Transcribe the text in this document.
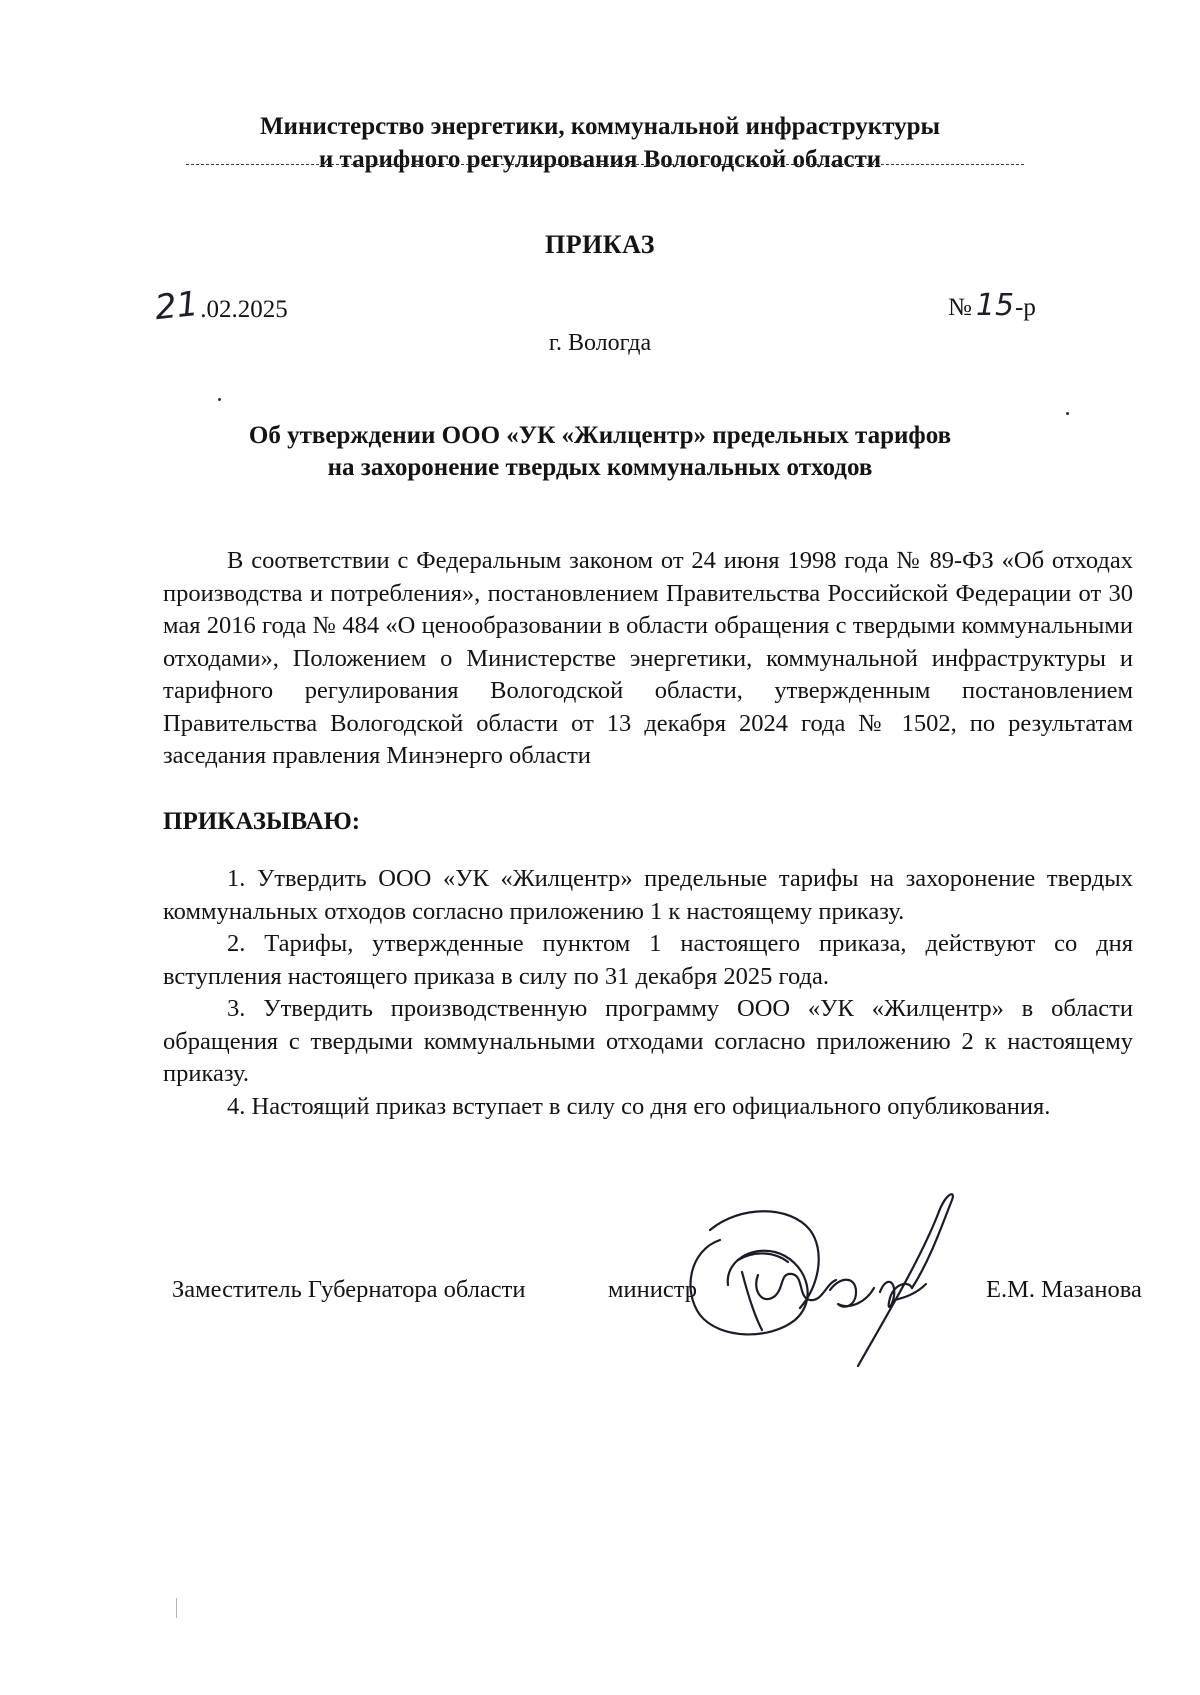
Министерство энергетики, коммунальной инфраструктуры
и тарифного регулирования Вологодской области
ПРИКАЗ
21.02.2025	№ 15-р
г. Вологда
Об утверждении ООО «УК «Жилцентр» предельных тарифов
на захоронение твердых коммунальных отходов
В соответствии с Федеральным законом от 24 июня 1998 года № 89-ФЗ «Об отходах производства и потребления», постановлением Правительства Российской Федерации от 30 мая 2016 года № 484 «О ценообразовании в области обращения с твердыми коммунальными отходами», Положением о Министерстве энергетики, коммунальной инфраструктуры и тарифного регулирования Вологодской области, утвержденным постановлением Правительства Вологодской области от 13 декабря 2024 года № 1502, по результатам заседания правления Минэнерго области
ПРИКАЗЫВАЮ:

1. Утвердить ООО «УК «Жилцентр» предельные тарифы на захоронение твердых коммунальных отходов согласно приложению 1 к настоящему приказу.

2. Тарифы, утвержденные пунктом 1 настоящего приказа, действуют со дня вступления настоящего приказа в силу по 31 декабря 2025 года.

3. Утвердить производственную программу ООО «УК «Жилцентр» в области обращения с твердыми коммунальными отходами согласно приложению 2 к настоящему приказу.

4. Настоящий приказ вступает в силу со дня его официального опубликования.

Заместитель Губернатора области	министр	Е.М. Мазанова
